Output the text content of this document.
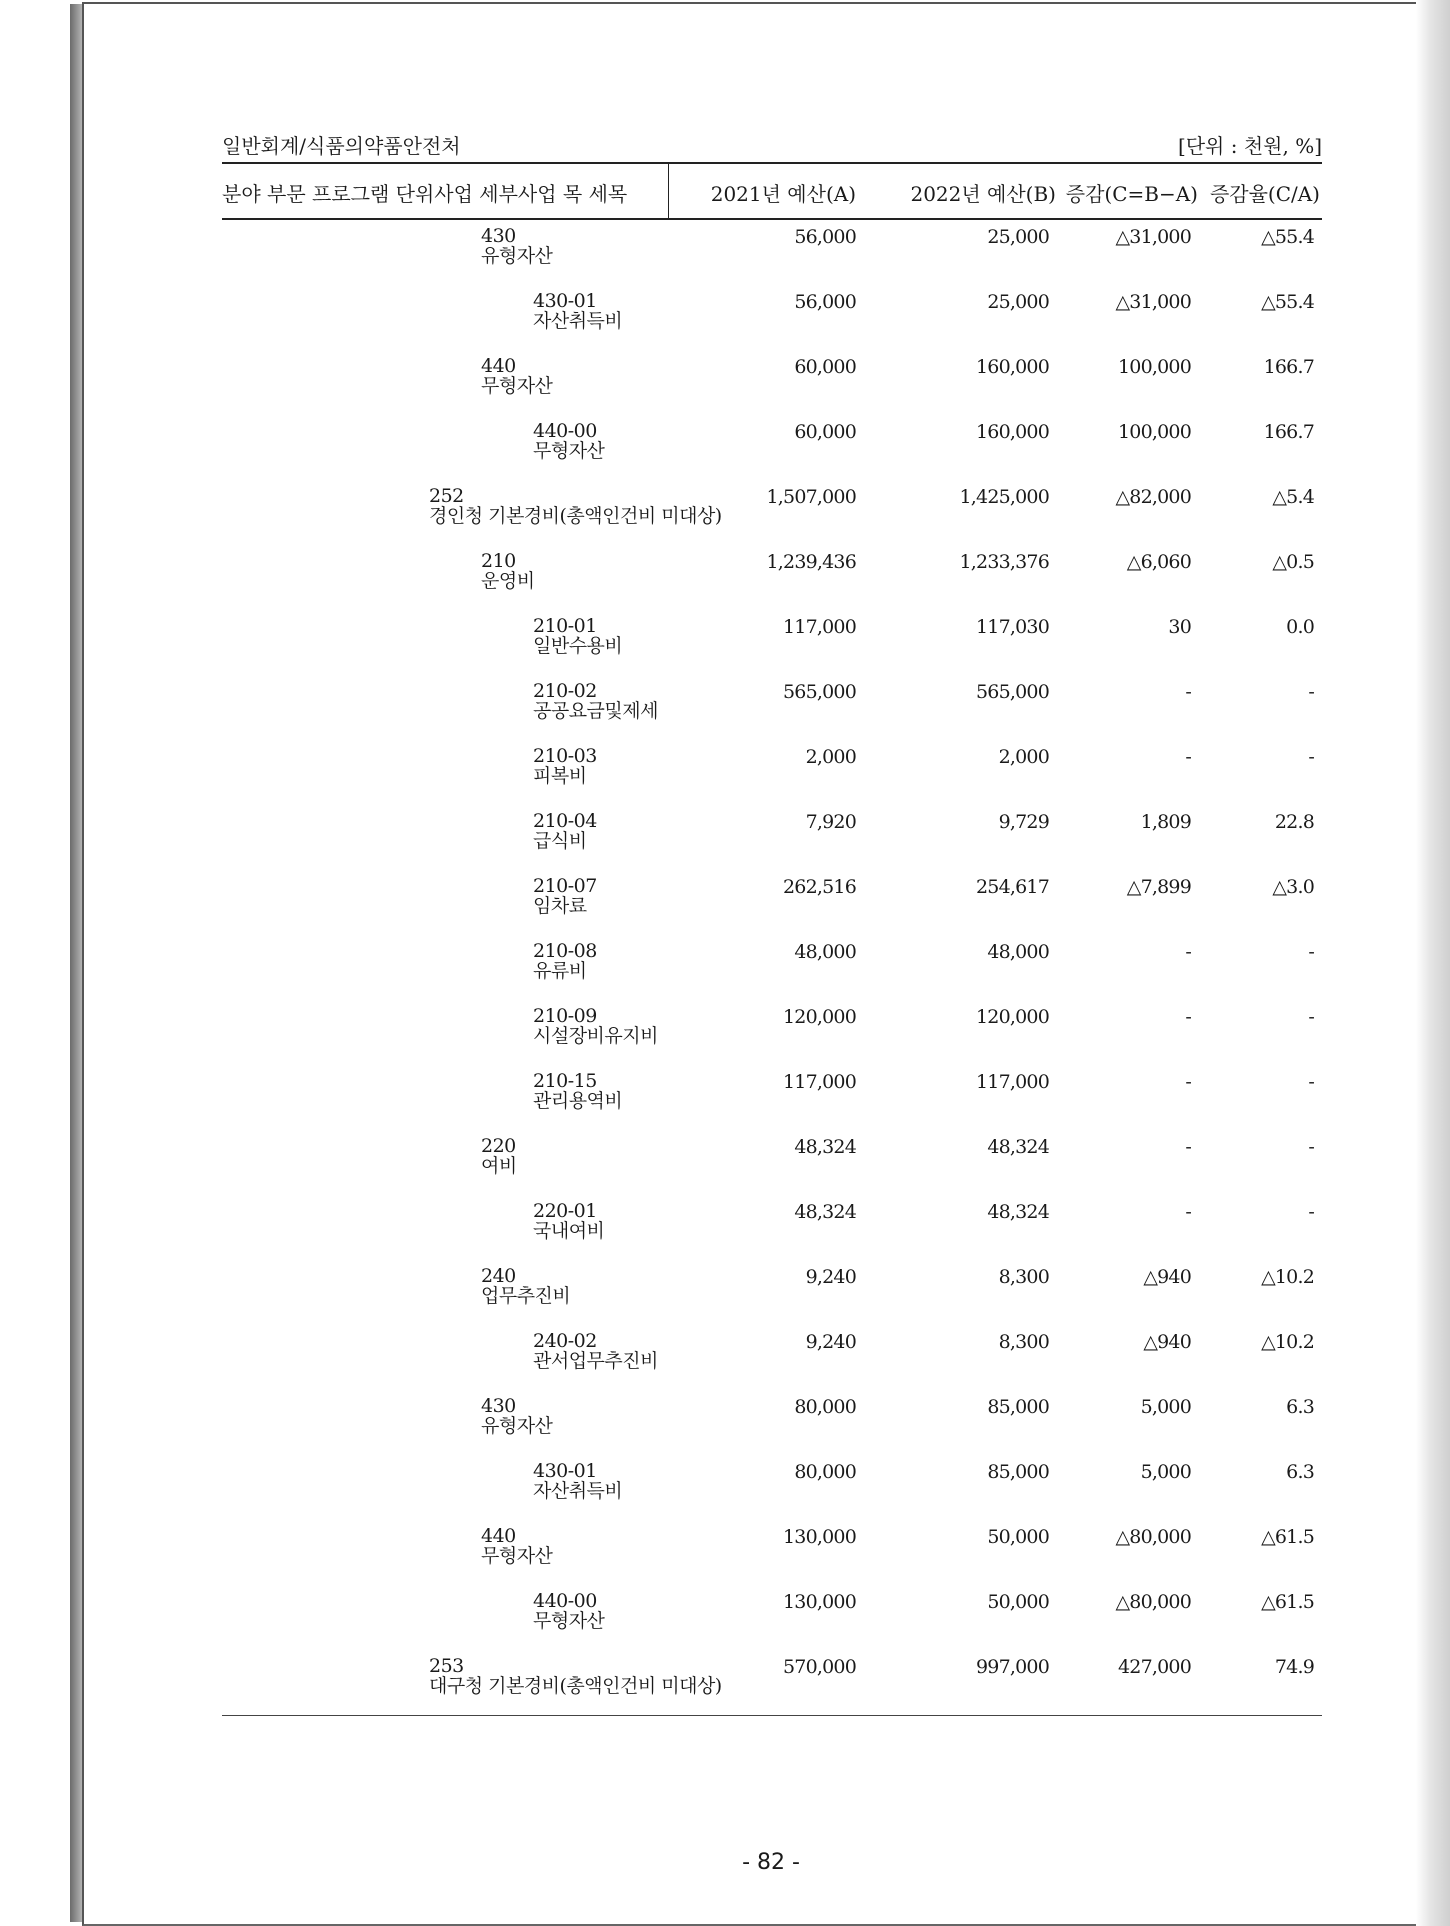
일반회계/식품의약품안전처	[단위 : 천원, %]
분야 부문 프로그램 단위사업 세부사업 목 세목	2021년 예산(A)	2022년 예산(B) 증감(C=B−A) 증감율(C/A)
430
유형자산
56,000	25,000	△31,000	△55.4
430-01
자산취득비
56,000	25,000	△31,000	△55.4
440
무형자산
60,000	160,000	100,000	166.7
440-00
무형자산
60,000	160,000	100,000	166.7
252
경인청 기본경비(총액인건비 미대상)
1,507,000	1,425,000	△82,000	△5.4
210
운영비
1,239,436	1,233,376	△6,060	△0.5
210-01
일반수용비
117,000	117,030	30	0.0
210-02
공공요금및제세
565,000	565,000	-	-
210-03
피복비
2,000	2,000	-	-
210-04
급식비
7,920	9,729	1,809	22.8
210-07
임차료
262,516	254,617	△7,899	△3.0
210-08
유류비
48,000	48,000	-	-
210-09
시설장비유지비
120,000	120,000	-	-
210-15
관리용역비
117,000	117,000	-	-
220
여비
48,324	48,324	-	-
220-01
국내여비
48,324	48,324	-	-
240
업무추진비
9,240	8,300	△940	△10.2
240-02
관서업무추진비
9,240	8,300	△940	△10.2
430
유형자산
80,000	85,000	5,000	6.3
430-01
자산취득비
80,000	85,000	5,000	6.3
440
무형자산
130,000	50,000	△80,000	△61.5
440-00
무형자산
130,000	50,000	△80,000	△61.5
253
대구청 기본경비(총액인건비 미대상)
570,000	997,000	427,000	74.9
- 82 -
